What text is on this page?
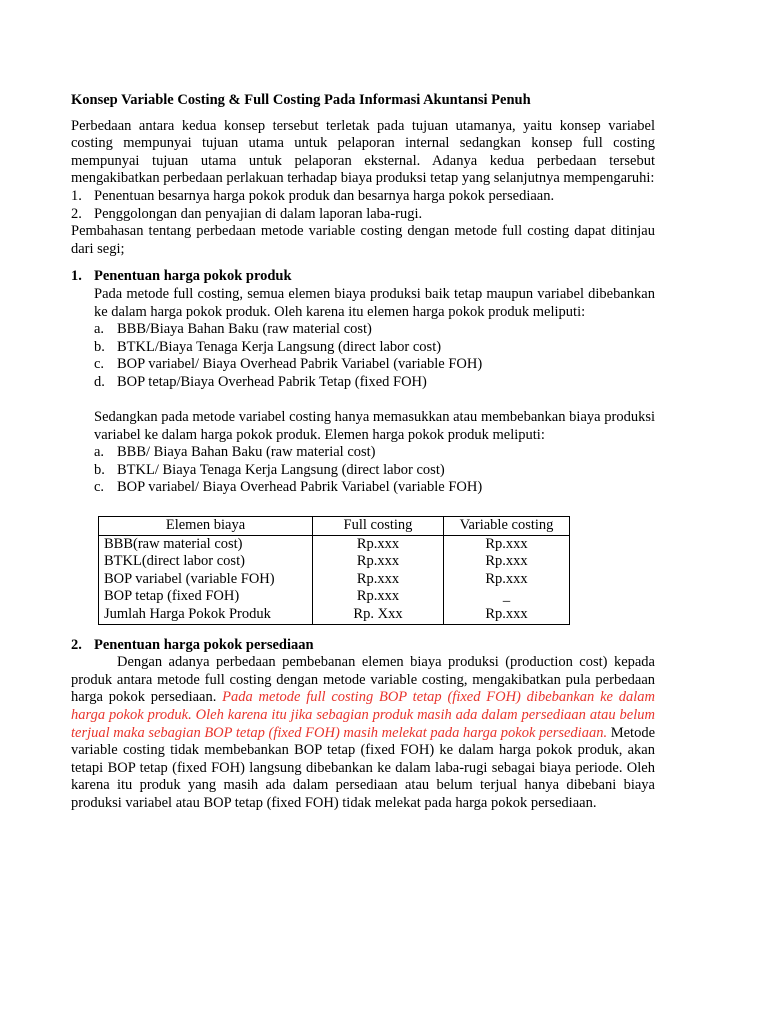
Konsep Variable Costing & Full Costing Pada Informasi Akuntansi Penuh

Perbedaan antara kedua konsep tersebut terletak pada tujuan utamanya, yaitu konsep variabel costing mempunyai tujuan utama untuk pelaporan internal sedangkan konsep full costing mempunyai tujuan utama untuk pelaporan eksternal. Adanya kedua perbedaan tersebut mengakibatkan perbedaan perlakuan terhadap biaya produksi tetap yang selanjutnya mempengaruhi:

1. Penentuan besarnya harga pokok produk dan besarnya harga pokok persediaan.
2. Penggolongan dan penyajian di dalam laporan laba-rugi.

Pembahasan tentang perbedaan metode variable costing dengan metode full costing dapat ditinjau dari segi;

1. Penentuan harga pokok produk

Pada metode full costing, semua elemen biaya produksi baik tetap maupun variabel dibebankan ke dalam harga pokok produk. Oleh karena itu elemen harga pokok produk meliputi:

a. BBB/Biaya Bahan Baku (raw material cost)
b. BTKL/Biaya Tenaga Kerja Langsung (direct labor cost)
c. BOP variabel/ Biaya Overhead Pabrik Variabel (variable FOH)
d. BOP tetap/Biaya Overhead Pabrik Tetap (fixed FOH)

Sedangkan pada metode variabel costing hanya memasukkan atau membebankan biaya produksi variabel ke dalam harga pokok produk. Elemen harga pokok produk meliputi:

a. BBB/ Biaya Bahan Baku (raw material cost)
b. BTKL/ Biaya Tenaga Kerja Langsung (direct labor cost)
c. BOP variabel/ Biaya Overhead Pabrik Variabel (variable FOH)
Elemen biaya	Full costing	Variable costing
BBB(raw material cost)	Rp.xxx	Rp.xxx
BTKL(direct labor cost)	Rp.xxx	Rp.xxx
BOP variabel (variable FOH)	Rp.xxx	Rp.xxx
BOP tetap (fixed FOH)	Rp.xxx	_
Jumlah Harga Pokok Produk	Rp. Xxx	Rp.xxx
2. Penentuan harga pokok persediaan

Dengan adanya perbedaan pembebanan elemen biaya produksi (production cost) kepada produk antara metode full costing dengan metode variable costing, mengakibatkan pula perbedaan harga pokok persediaan. Pada metode full costing BOP tetap (fixed FOH) dibebankan ke dalam harga pokok produk. Oleh karena itu jika sebagian produk masih ada dalam persediaan atau belum terjual maka sebagian BOP tetap (fixed FOH) masih melekat pada harga pokok persediaan. Metode variable costing tidak membebankan BOP tetap (fixed FOH) ke dalam harga pokok produk, akan tetapi BOP tetap (fixed FOH) langsung dibebankan ke dalam laba-rugi sebagai biaya periode. Oleh karena itu produk yang masih ada dalam persediaan atau belum terjual hanya dibebani biaya produksi variabel atau BOP tetap (fixed FOH) tidak melekat pada harga pokok persediaan.
